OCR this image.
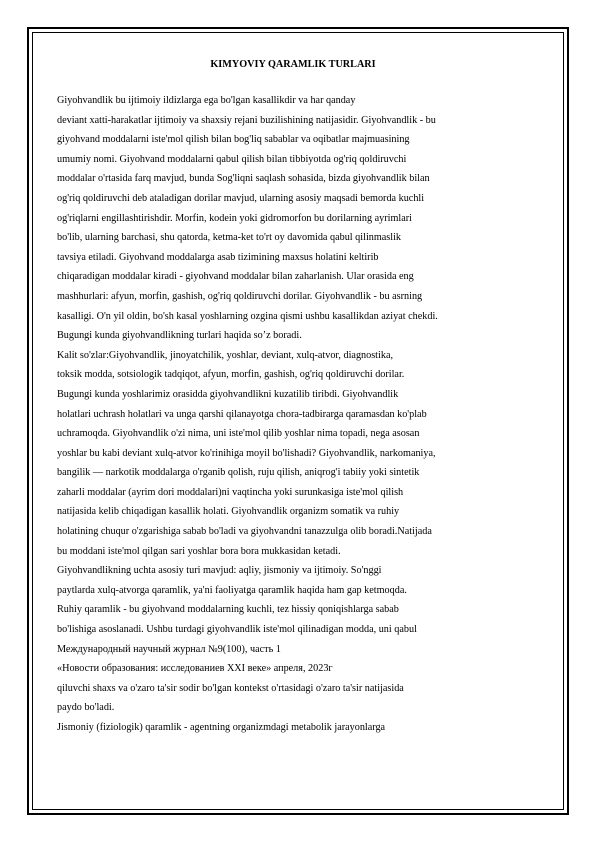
KIMYOVIY QARAMLIK TURLARI
Giyohvandlik bu ijtimoiy ildizlarga ega bo'lgan kasallikdir va har qanday
deviant xatti-harakatlar ijtimoiy va shaxsiy rejani buzilishining natijasidir. Giyohvandlik - bu
giyohvand moddalarni iste'mol qilish bilan bog'liq sabablar va oqibatlar majmuasining
umumiy nomi. Giyohvand moddalarni qabul qilish bilan tibbiyotda og'riq qoldiruvchi
moddalar o'rtasida farq mavjud, bunda Sog'liqni saqlash sohasida, bizda giyohvandlik bilan
og'riq qoldiruvchi deb ataladigan dorilar mavjud, ularning asosiy maqsadi bemorda kuchli
og'riqlarni engillashtirishdir. Morfin, kodein yoki gidromorfon bu dorilarning ayrimlari
bo'lib, ularning barchasi, shu qatorda, ketma-ket to'rt oy davomida qabul qilinmaslik
tavsiya etiladi. Giyohvand moddalarga asab tizimining maxsus holatini keltirib
chiqaradigan moddalar kiradi - giyohvand moddalar bilan zaharlanish. Ular orasida eng
mashhurlari: afyun, morfin, gashish, og'riq qoldiruvchi dorilar. Giyohvandlik - bu asrning
kasalligi. O'n yil oldin, bo'sh kasal yoshlarning ozgina qismi ushbu kasallikdan aziyat chekdi.
Bugungi kunda giyohvandlikning turlari haqida so’z boradi.
Kalit so'zlar:Giyohvandlik, jinoyatchilik, yoshlar, deviant, xulq-atvor, diagnostika,
toksik modda, sotsiologik tadqiqot, afyun, morfin, gashish, og'riq qoldiruvchi dorilar.
Bugungi kunda yoshlarimiz orasidda giyohvandlikni kuzatilib tiribdi. Giyohvandlik
holatlari uchrash holatlari va unga qarshi qilanayotga chora-tadbirarga qaramasdan ko'plab
uchramoqda. Giyohvandlik o'zi nima, uni iste'mol qilib yoshlar nima topadi, nega asosan
yoshlar bu kabi deviant xulq-atvor ko'rinihiga moyil bo'lishadi? Giyohvandlik, narkomaniya,
bangilik — narkotik moddalarga o'rganib qolish, ruju qilish, aniqrog'i tabiiy yoki sintetik
zaharli moddalar (ayrim dori moddalari)ni vaqtincha yoki surunkasiga iste'mol qilish
natijasida kelib chiqadigan kasallik holati. Giyohvandlik organizm somatik va ruhiy
holatining chuqur o'zgarishiga sabab bo'ladi va giyohvandni tanazzulga olib boradi.Natijada
bu moddani iste'mol qilgan sari yoshlar bora bora mukkasidan ketadi.
Giyohvandlikning uchta asosiy turi mavjud: aqliy, jismoniy va ijtimoiy. So'nggi
paytlarda xulq-atvorga qaramlik, ya'ni faoliyatga qaramlik haqida ham gap ketmoqda.
Ruhiy qaramlik - bu giyohvand moddalarning kuchli, tez hissiy qoniqishlarga sabab
bo'lishiga asoslanadi. Ushbu turdagi giyohvandlik iste'mol qilinadigan modda, uni qabul
Международный научный журнал №9(100), часть 1
«Новости образования: исследованиев XXI веке» апреля, 2023г
qiluvchi shaxs va o'zaro ta'sir sodir bo'lgan kontekst o'rtasidagi o'zaro ta'sir natijasida
paydo bo'ladi.
Jismoniy (fiziologik) qaramlik - agentning organizmdagi metabolik jarayonlarga
